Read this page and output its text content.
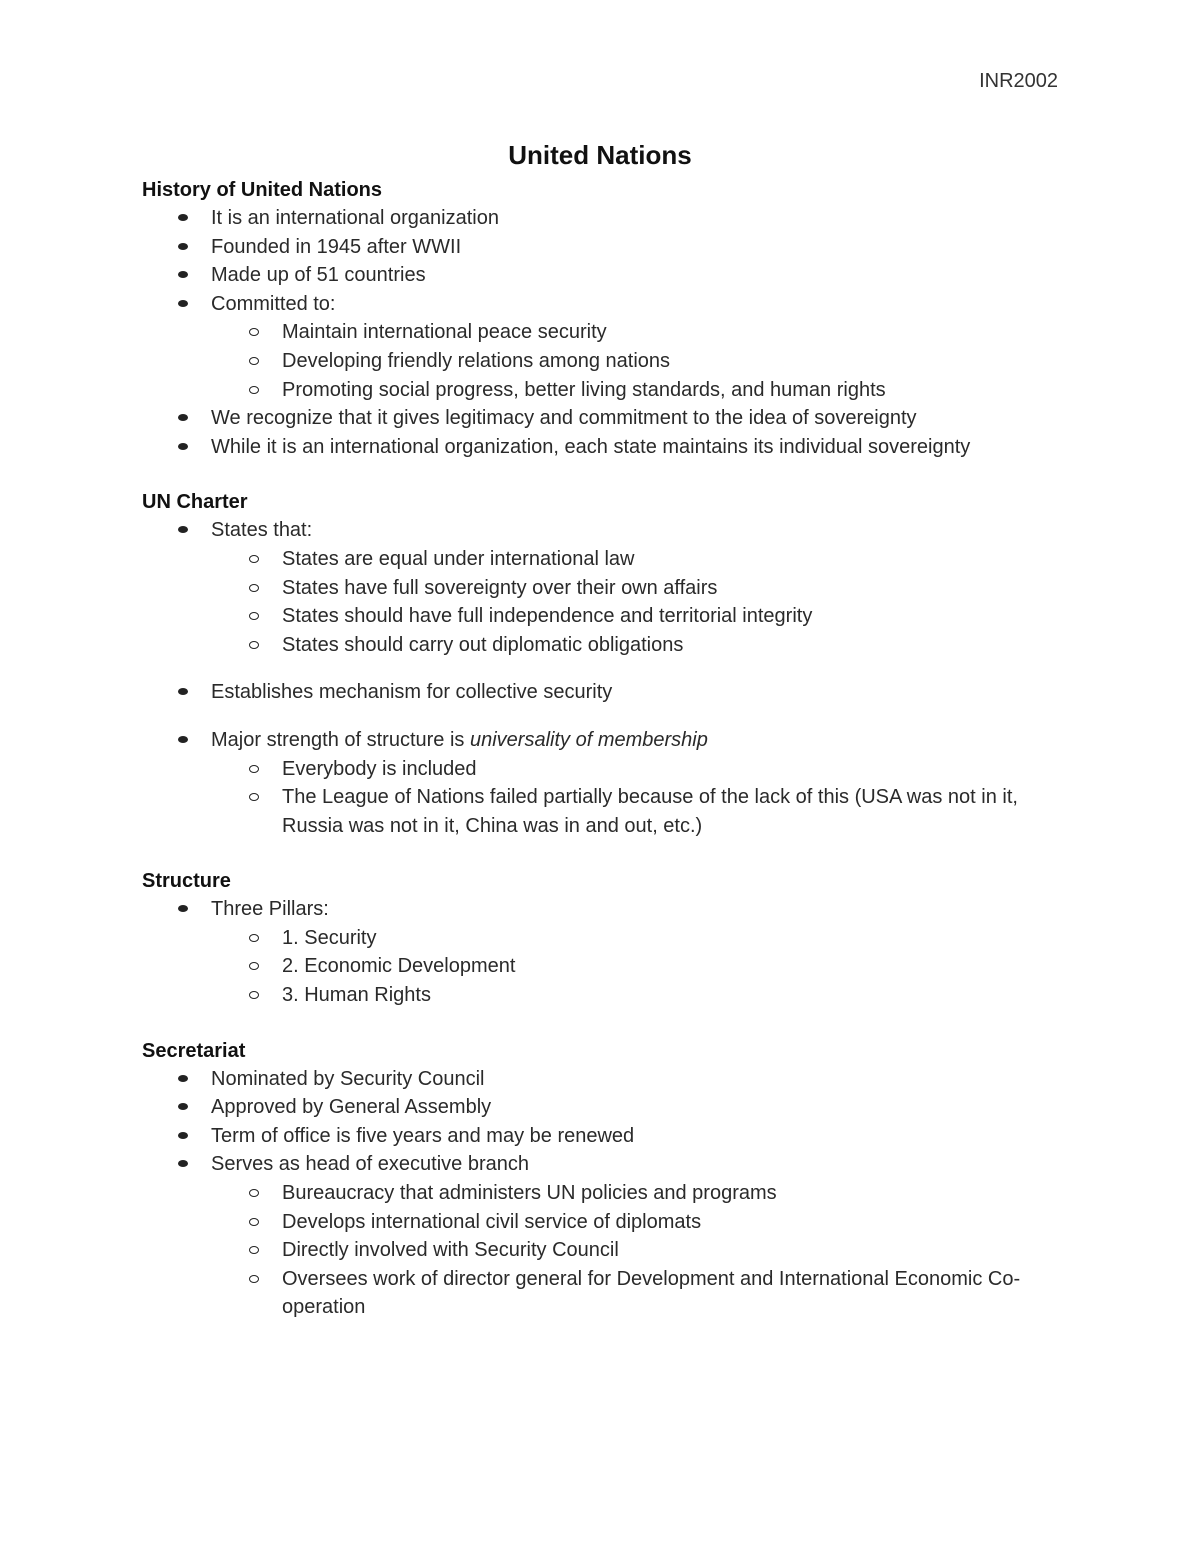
INR2002
United Nations
History of United Nations
It is an international organization
Founded in 1945 after WWII
Made up of 51 countries
Committed to:
Maintain international peace security
Developing friendly relations among nations
Promoting social progress, better living standards, and human rights
We recognize that it gives legitimacy and commitment to the idea of sovereignty
While it is an international organization, each state maintains its individual sovereignty
UN Charter
States that:
States are equal under international law
States have full sovereignty over their own affairs
States should have full independence and territorial integrity
States should carry out diplomatic obligations
Establishes mechanism for collective security
Major strength of structure is universality of membership
Everybody is included
The League of Nations failed partially because of the lack of this (USA was not in it, Russia was not in it, China was in and out, etc.)
Structure
Three Pillars:
1. Security
2. Economic Development
3. Human Rights
Secretariat
Nominated by Security Council
Approved by General Assembly
Term of office is five years and may be renewed
Serves as head of executive branch
Bureaucracy that administers UN policies and programs
Develops international civil service of diplomats
Directly involved with Security Council
Oversees work of director general for Development and International Economic Co-operation
